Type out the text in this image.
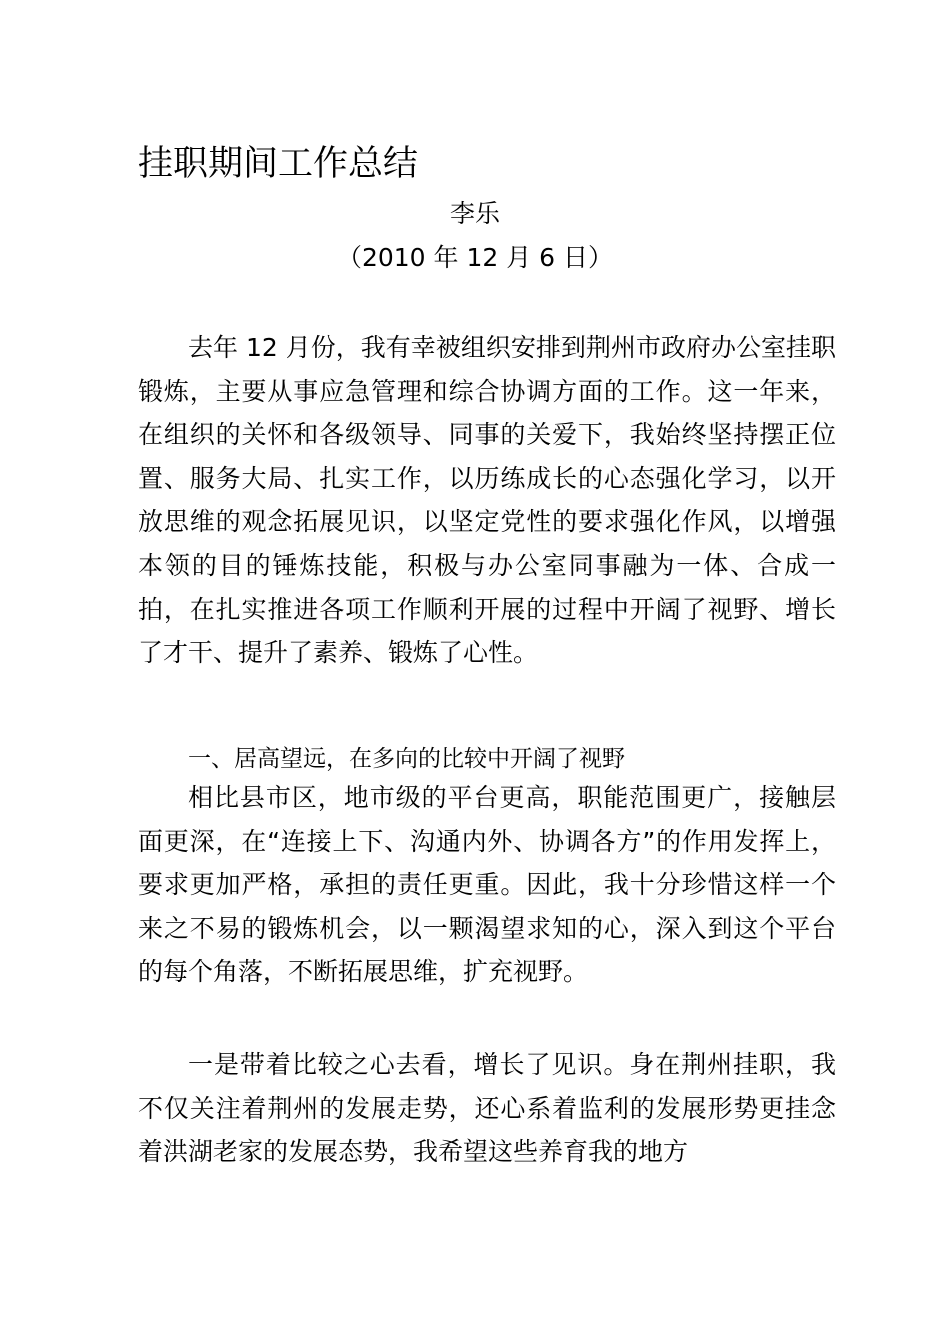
挂职期间工作总结
李乐
（2010 年 12 月 6 日）

去年 12 月份，我有幸被组织安排到荆州市政府办公室挂职锻炼，主要从事应急管理和综合协调方面的工作。这一年来，在组织的关怀和各级领导、同事的关爱下，我始终坚持摆正位置、服务大局、扎实工作，以历练成长的心态强化学习，以开放思维的观念拓展见识，以坚定党性的要求强化作风，以增强本领的目的锤炼技能，积极与办公室同事融为一体、合成一拍，在扎实推进各项工作顺利开展的过程中开阔了视野、增长了才干、提升了素养、锻炼了心性。

一、居高望远，在多向的比较中开阔了视野

相比县市区，地市级的平台更高，职能范围更广，接触层面更深，在“连接上下、沟通内外、协调各方”的作用发挥上，要求更加严格，承担的责任更重。因此，我十分珍惜这样一个来之不易的锻炼机会，以一颗渴望求知的心，深入到这个平台的每个角落，不断拓展思维，扩充视野。

一是带着比较之心去看，增长了见识。身在荆州挂职，我不仅关注着荆州的发展走势，还心系着监利的发展形势更挂念着洪湖老家的发展态势，我希望这些养育我的地方
